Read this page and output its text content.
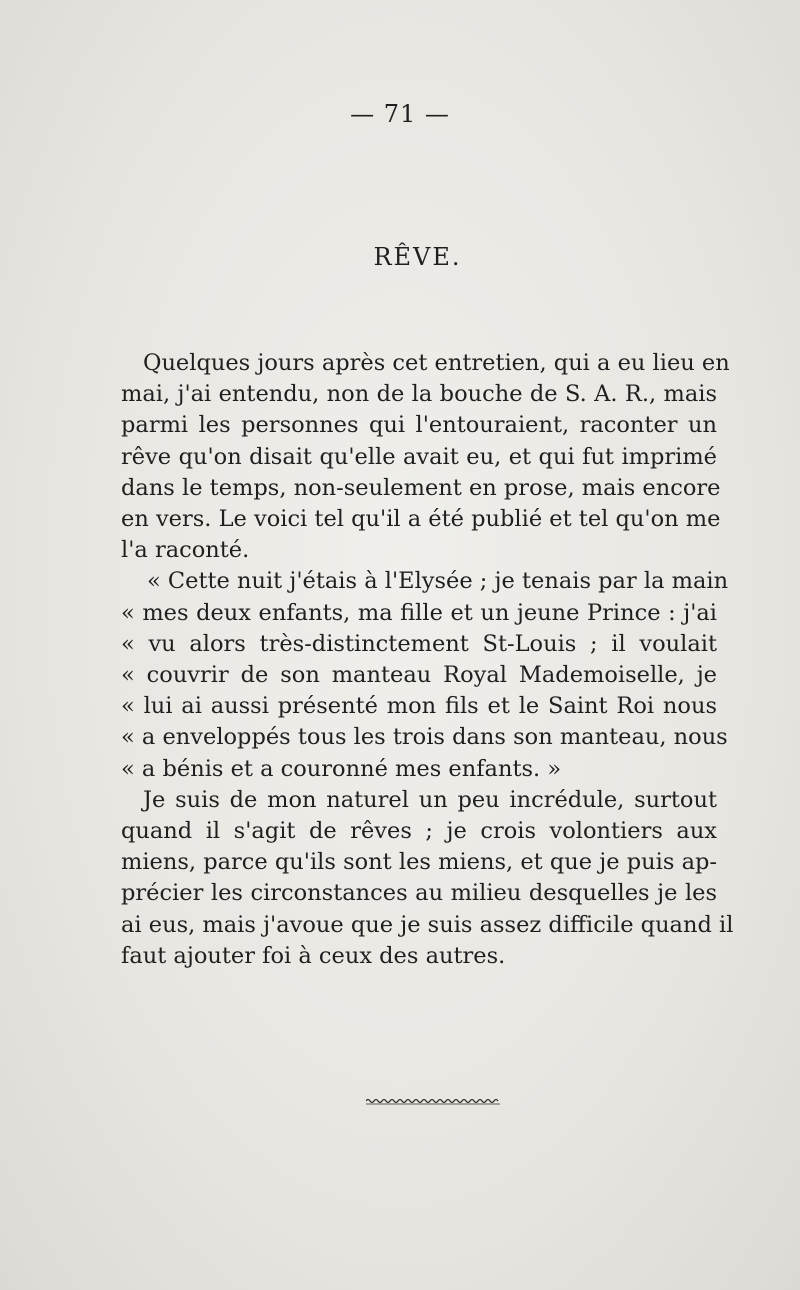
— 71 —
RÊVE.
Quelques jours après cet entretien, qui a eu lieu en
mai, j'ai entendu, non de la bouche de S. A. R., mais
parmi les personnes qui l'entouraient, raconter un
rêve qu'on disait qu'elle avait eu, et qui fut imprimé
dans le temps, non-seulement en prose, mais encore
en vers. Le voici tel qu'il a été publié et tel qu'on me
l'a raconté.
« Cette nuit j'étais à l'Elysée ; je tenais par la main
« mes deux enfants, ma fille et un jeune Prince : j'ai
« vu alors très-distinctement St-Louis ; il voulait
« couvrir de son manteau Royal Mademoiselle, je
« lui ai aussi présenté mon fils et le Saint Roi nous
« a enveloppés tous les trois dans son manteau, nous
« a bénis et a couronné mes enfants. »
Je suis de mon naturel un peu incrédule, surtout
quand il s'agit de rêves ; je crois volontiers aux
miens, parce qu'ils sont les miens, et que je puis ap-
précier les circonstances au milieu desquelles je les
ai eus, mais j'avoue que je suis assez difficile quand il
faut ajouter foi à ceux des autres.
